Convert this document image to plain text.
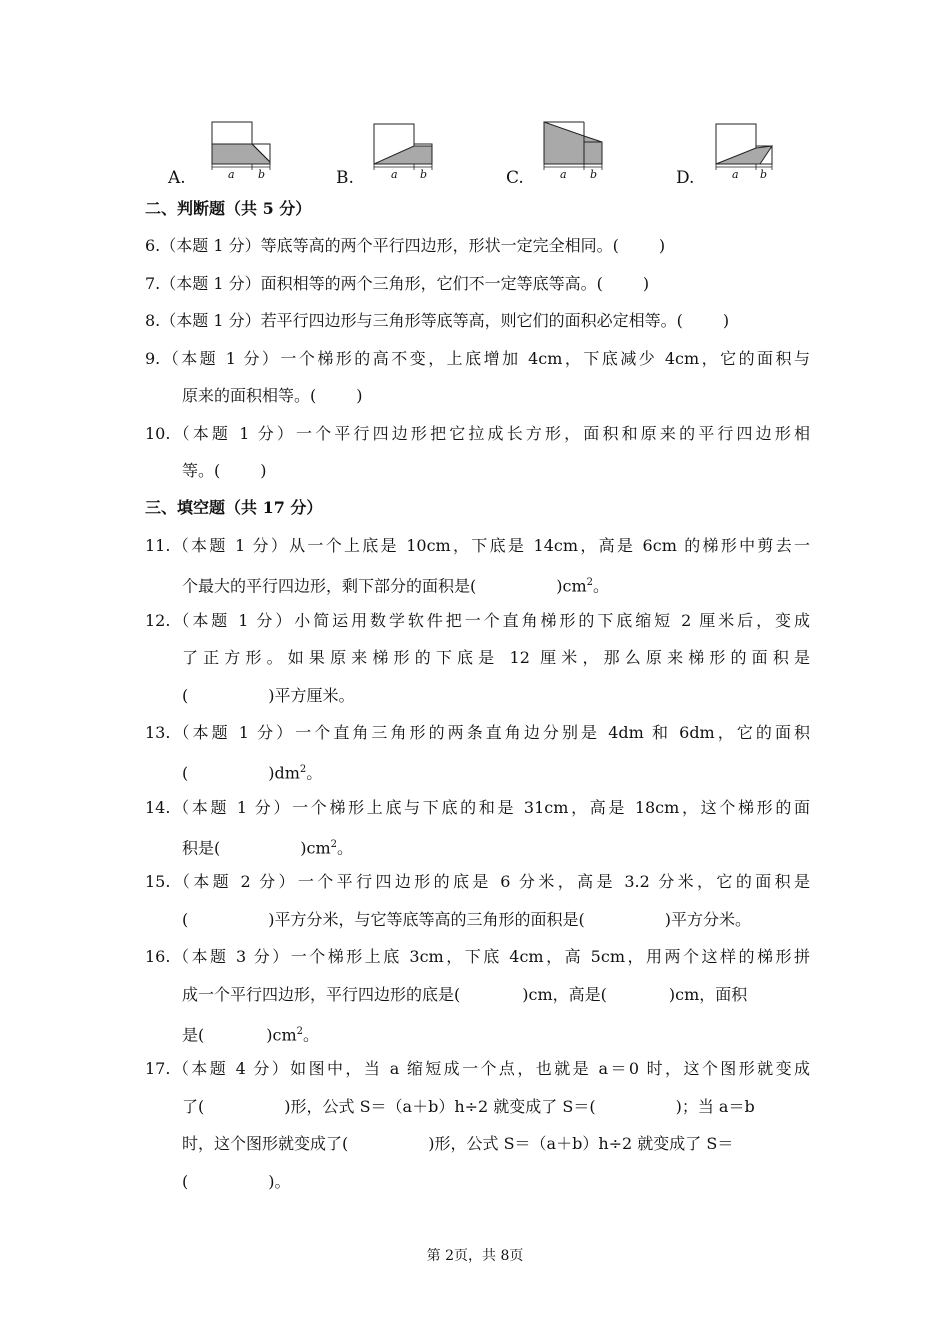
A.	a b	B.	a b	C.	a b	D.	a b
二、判断题（共 5 分）
6.（本题 1 分）等底等高的两个平行四边形，形状一定完全相同。(	)
7.（本题 1 分）面积相等的两个三角形，它们不一定等底等高。(	)
8.（本题 1 分）若平行四边形与三角形等底等高，则它们的面积必定相等。(	)
9.（本题 1 分）一个梯形的高不变，上底增加 4cm，下底减少 4cm，它的面积与
原来的面积相等。(	)
10.（本题 1 分）一个平行四边形把它拉成长方形，面积和原来的平行四边形相
等。(	)
三、填空题（共 17 分）
11.（本题 1 分）从一个上底是 10cm，下底是 14cm，高是 6cm 的梯形中剪去一
个最大的平行四边形，剩下部分的面积是(	)$cm^2$。
12.（本题 1 分）小简运用数学软件把一个直角梯形的下底缩短 2 厘米后，变成
了正方形。如果原来梯形的下底是 12 厘米，那么原来梯形的面积是
(	)平方厘米。
13.（本题 1 分）一个直角三角形的两条直角边分别是 4dm 和 6dm，它的面积
(	)$dm^2$。
14.（本题 1 分）一个梯形上底与下底的和是 31cm，高是 18cm，这个梯形的面
积是(	)$cm^2$。
15.（本题 2 分）一个平行四边形的底是 6 分米，高是 3.2 分米，它的面积是
(	)平方分米，与它等底等高的三角形的面积是(	)平方分米。
16.（本题 3 分）一个梯形上底 3cm，下底 4cm，高 5cm，用两个这样的梯形拼
成一个平行四边形，平行四边形的底是(	)cm，高是(	)cm，面积
是(	)$cm^2$。
17.（本题 4 分）如图中，当 a 缩短成一个点，也就是 a＝0 时，这个图形就变成
了(	)形，公式 S＝（a＋b）h÷2 就变成了 S＝(	)；当 a＝b
时，这个图形就变成了(	)形，公式 S＝（a＋b）h÷2 就变成了 S＝
(	)。
第 2页，共 8页
